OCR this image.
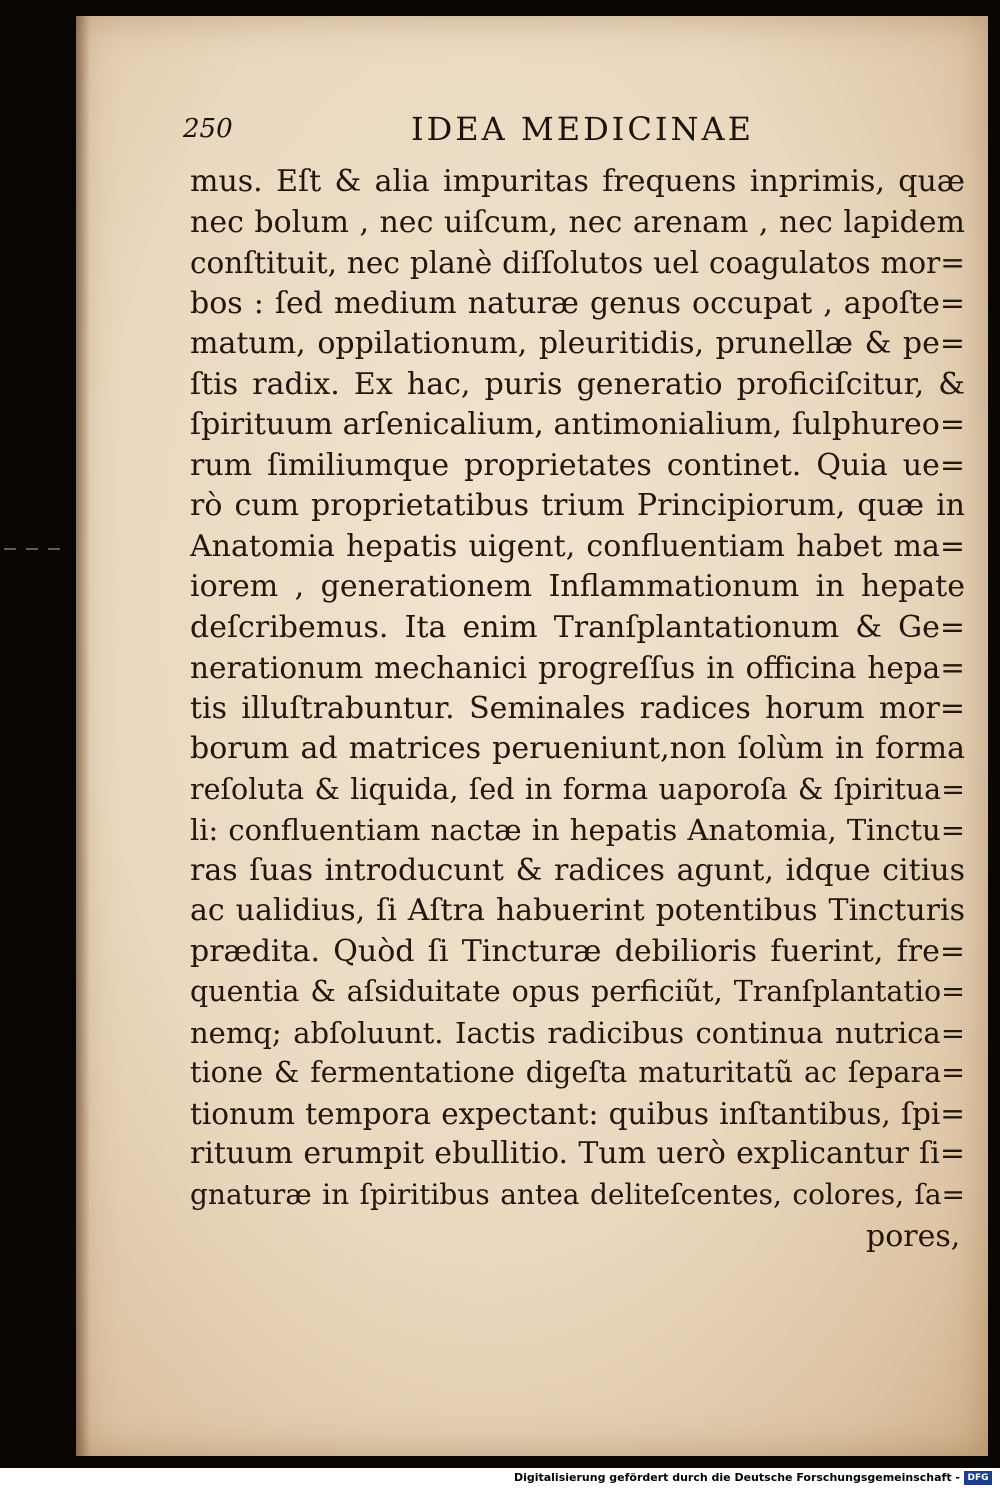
250	IDEA MEDICINAE
mus. Eſt & alia impuritas frequens inprimis, quæ
nec bolum , nec uiſcum, nec arenam , nec lapidem
conſtituit, nec planè diſſolutos uel coagulatos mor=
bos : ſed medium naturæ genus occupat , apoſte=
matum, oppilationum, pleuritidis, prunellæ & pe=
ſtis radix. Ex hac, puris generatio proficiſcitur, &
ſpirituum arſenicalium, antimonialium, ſulphureo=
rum ſimiliumque proprietates continet. Quia ue=
rò cum proprietatibus trium Principiorum, quæ in
Anatomia hepatis uigent, confluentiam habet ma=
iorem , generationem Inflammationum in hepate
deſcribemus. Ita enim Tranſplantationum & Ge=
nerationum mechanici progreſſus in officina hepa=
tis illuſtrabuntur. Seminales radices horum mor=
borum ad matrices perueniunt,non ſolùm in forma
reſoluta & liquida, ſed in forma uaporoſa & ſpiritua=
li: confluentiam nactæ in hepatis Anatomia, Tinctu=
ras ſuas introducunt & radices agunt, idque citius
ac ualidius, ſi Aſtra habuerint potentibus Tincturis
prædita. Quòd ſi Tincturæ debilioris fuerint, fre=
quentia & aſsiduitate opus perficiũt, Tranſplantatio=
nemq; abſoluunt. Iactis radicibus continua nutrica=
tione & fermentatione digeſta maturitatũ ac ſepara=
tionum tempora expectant: quibus inſtantibus, ſpi=
rituum erumpit ebullitio. Tum uerò explicantur ſi=
gnaturæ in ſpiritibus antea deliteſcentes, colores, ſa=
pores,
Digitalisierung gefördert durch die Deutsche Forschungsgemeinschaft - DFG
